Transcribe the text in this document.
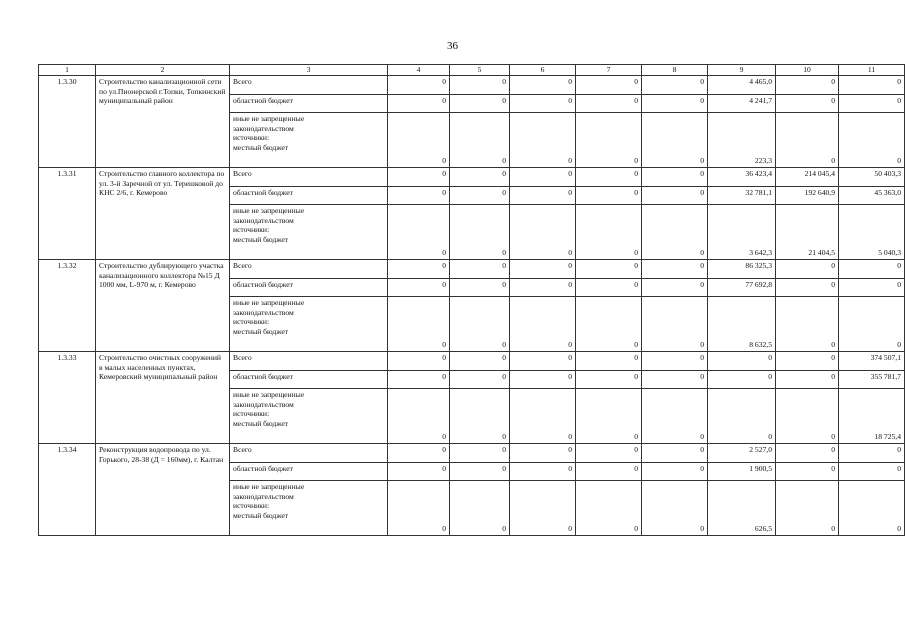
36
1	2	3	4	5	6	7	8	9	10	11
1.3.30	Строительство канализационной сети по ул.Пионерской г.Топки, Топкинский муниципальный район	Всего	0	0	0	0	0	4 465,0	0	0
		областной бюджет	0	0	0	0	0	4 241,7	0	0

		иные не запрещенные
законодательством
источники:
местный бюджет	0	0	0	0	0	223,3	0	0
1.3.31	Строительство главного коллектора по ул. 3-й Заречной от ул. Терешковой до КНС 2/6, г. Кемерово	Всего	0	0	0	0	0	36 423,4	214 045,4	50 403,3
		областной бюджет	0	0	0	0	0	32 781,1	192 640,9	45 363,0

		иные не запрещенные
законодательством
источники:
местный бюджет	0	0	0	0	0	3 642,3	21 404,5	5 040,3
1.3.32	Строительство дублирующего участка канализационного коллектора №15 Д 1000 мм, L-970 м, г. Кемерово	Всего	0	0	0	0	0	86 325,3	0	0
		областной бюджет	0	0	0	0	0	77 692,8	0	0

		иные не запрещенные
законодательством
источники:
местный бюджет	0	0	0	0	0	8 632,5	0	0
1.3.33	Строительство очистных сооружений в малых населенных пунктах, Кемеровский муниципальный район	Всего	0	0	0	0	0	0	0	374 507,1
		областной бюджет	0	0	0	0	0	0	0	355 781,7

		иные не запрещенные
законодательством
источники:
местный бюджет	0	0	0	0	0	0	0	18 725,4
1.3.34	Реконструкция водопровода по ул. Горького, 28-38 (Д = 160мм), г. Калтан	Всего	0	0	0	0	0	2 527,0	0	0
		областной бюджет	0	0	0	0	0	1 900,5	0	0

		иные не запрещенные
законодательством
источники:
местный бюджет	0	0	0	0	0	626,5	0	0
